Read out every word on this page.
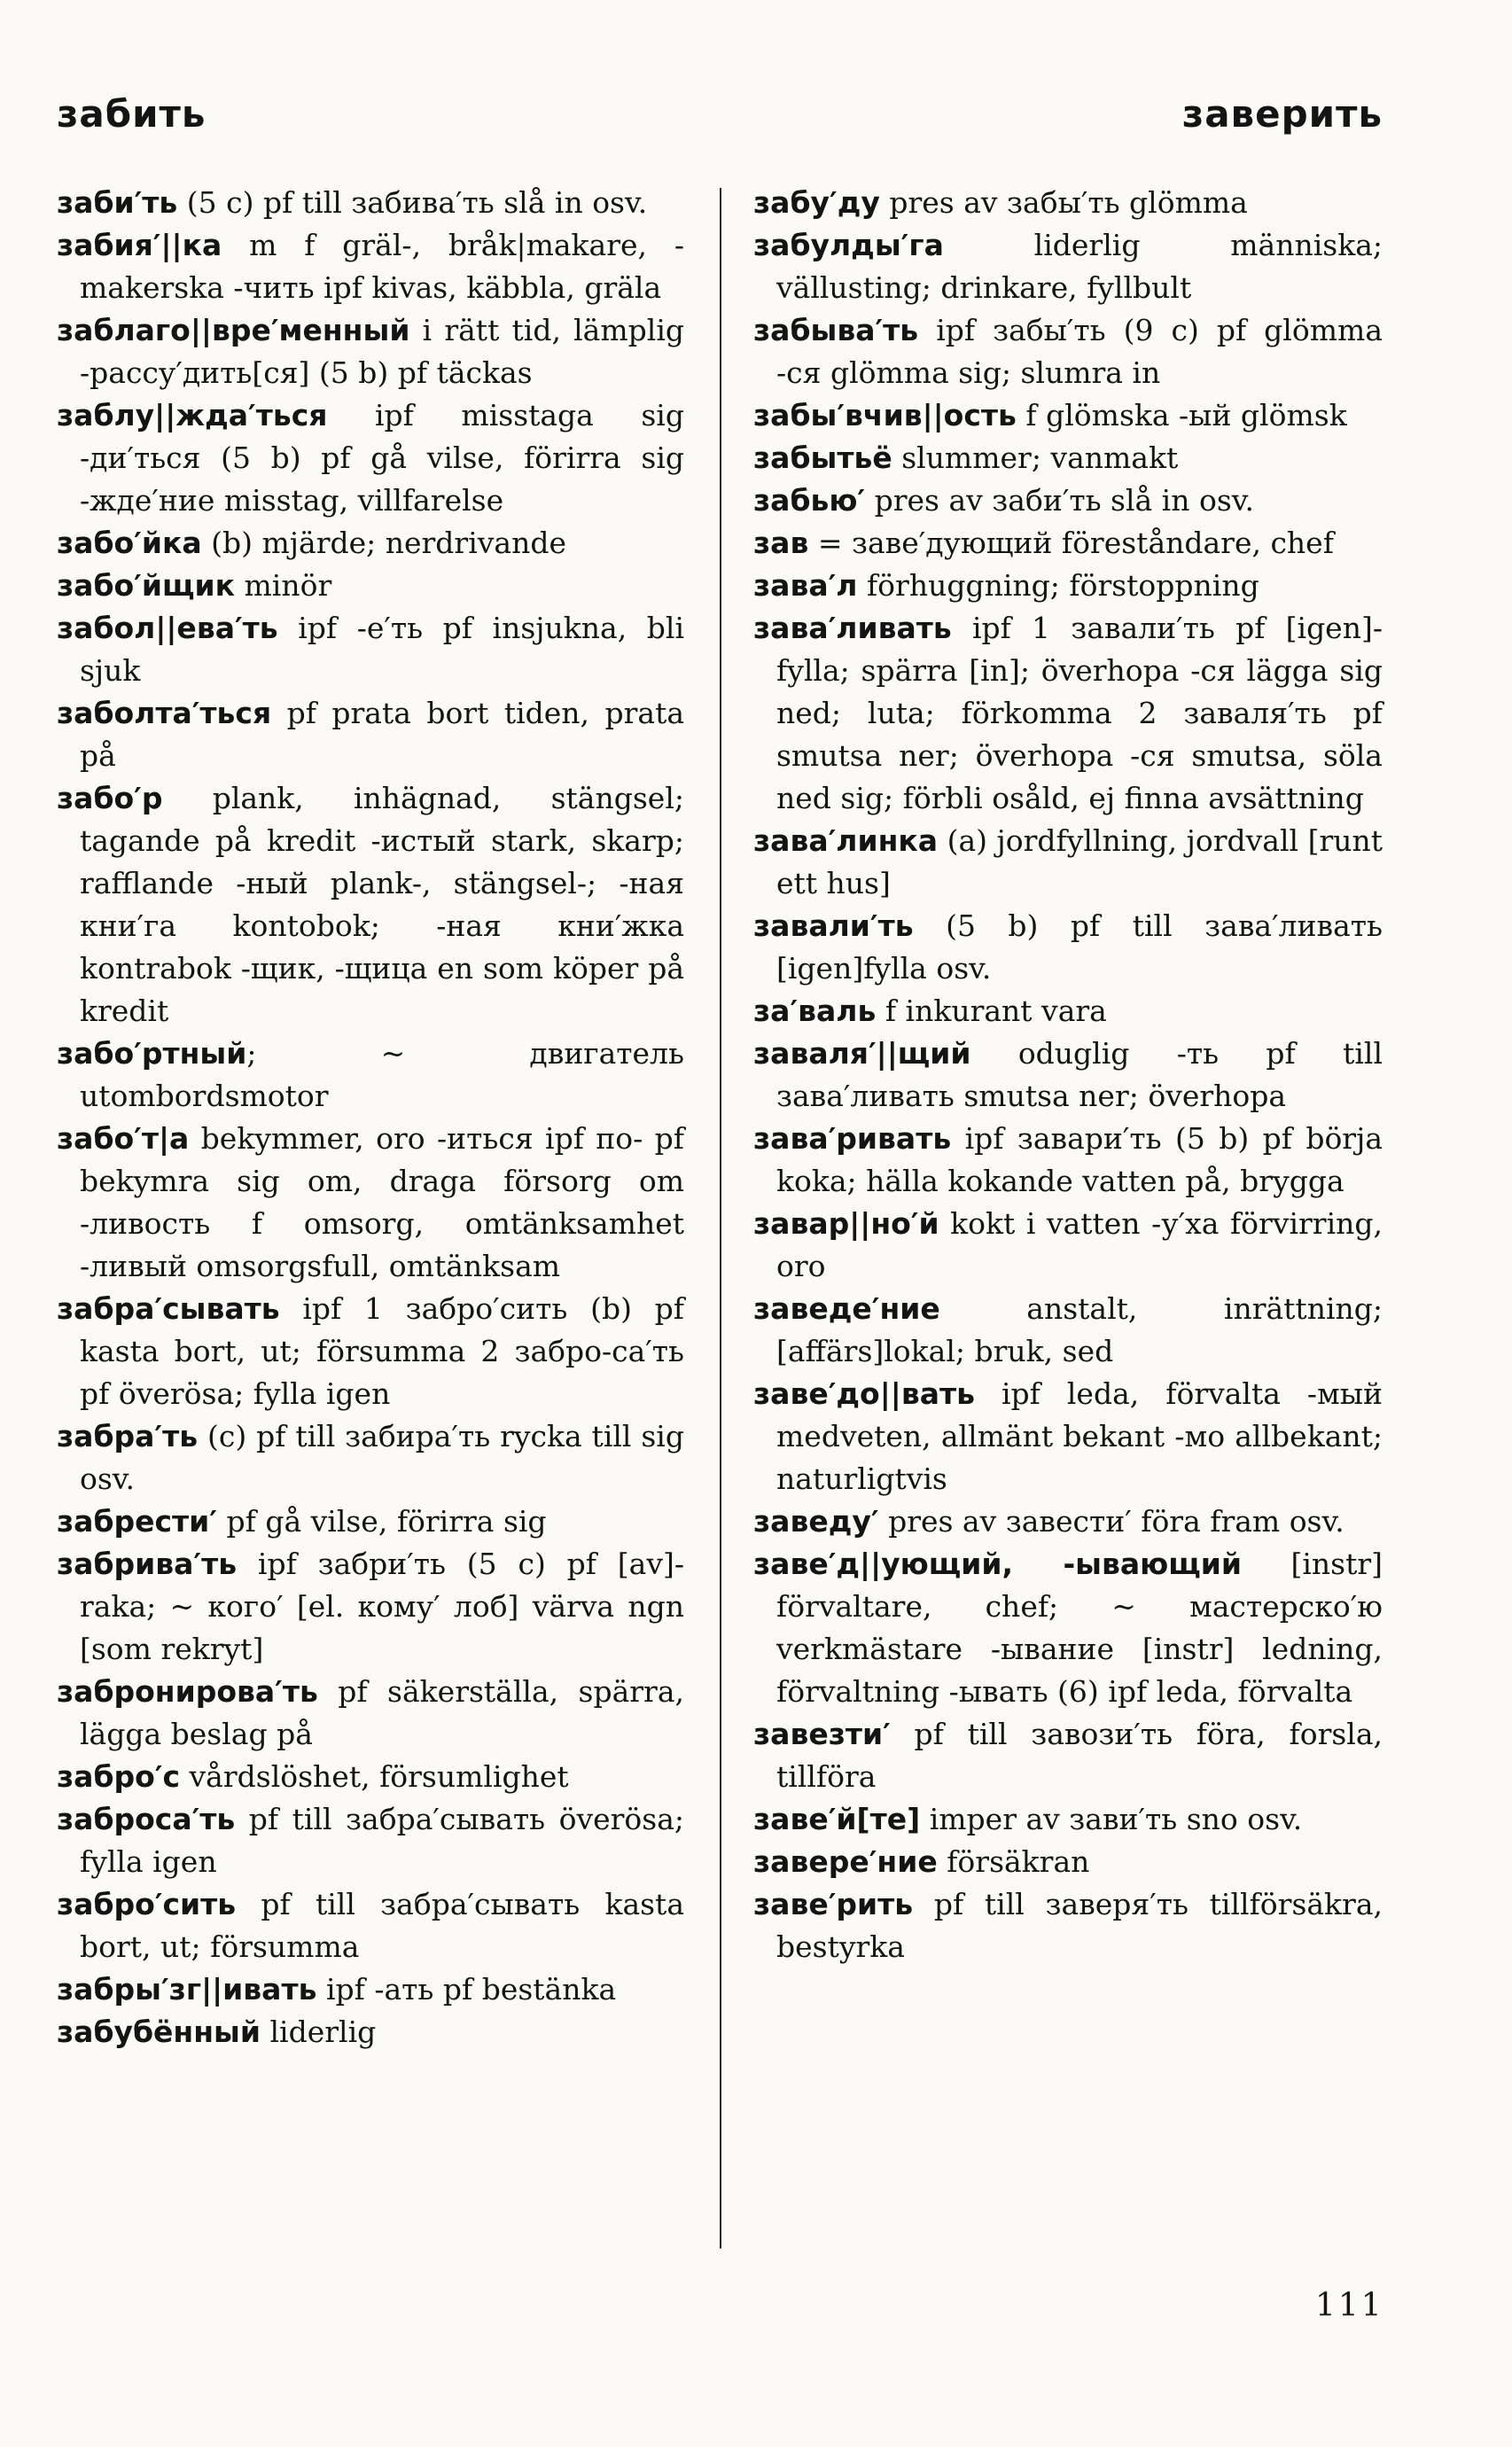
забить	заверить

заби′ть (5 c) pf till забива′ть slå in osv.

забия′||ка m f gräl-, bråk|makare, -makerska -чить ipf kivas, käbbla, gräla

заблаго||вре′менный i rätt tid, lämplig -рассу′дить[ся] (5 b) pf täckas

заблу||жда′ться ipf misstaga sig -ди′ться (5 b) pf gå vilse, förirra sig -жде′ние misstag, villfarelse

забо′йка (b) mjärde; nerdrivande

забо′йщик minör

забол||ева′ть ipf -е′ть pf insjukna, bli sjuk

заболта′ться pf prata bort tiden, prata på

забо′р plank, inhägnad, stängsel; tagande på kredit -истый stark, skarp; rafflande -ный plank-, stängsel-; -ная кни′га kontobok; -ная кни′жка kontrabok -щик, -щица en som köper på kredit

забо′ртный; ~ двигатель utombordsmotor

забо′т|а bekymmer, oro -иться ipf по- pf bekymra sig om, draga försorg om -ливость f omsorg, omtänksamhet -ливый omsorgsfull, omtänksam

забра′сывать ipf 1 забро′сить (b) pf kasta bort, ut; försumma 2 забро-са′ть pf överösa; fylla igen

забра′ть (c) pf till забира′ть rycka till sig osv.

забрести′ pf gå vilse, förirra sig

забрива′ть ipf забри′ть (5 c) pf [av]-raka; ~ кого′ [el. кому′ лоб] värva ngn [som rekryt]

забронирова′ть pf säkerställa, spärra, lägga beslag på

забро′с vårdslöshet, försumlighet

заброса′ть pf till забра′сывать överösa; fylla igen

забро′сить pf till забра′сывать kasta bort, ut; försumma

забры′зг||ивать ipf -ать pf bestänka

забубённый liderlig

забу′ду pres av забы′ть glömma

забулды′га liderlig människa; vällusting; drinkare, fyllbult

забыва′ть ipf забы′ть (9 c) pf glömma -ся glömma sig; slumra in

забы′вчив||ость f glömska -ый glömsk

забытьё slummer; vanmakt

забью′ pres av заби′ть slå in osv.

зав = заве′дующий föreståndare, chef

зава′л förhuggning; förstoppning

зава′ливать ipf 1 завали′ть pf [igen]-fylla; spärra [in]; överhopa -ся lägga sig ned; luta; förkomma 2 заваля′ть pf smutsa ner; överhopa -ся smutsa, söla ned sig; förbli osåld, ej finna avsättning

зава′линка (a) jordfyllning, jordvall [runt ett hus]

завали′ть (5 b) pf till зава′ливать [igen]fylla osv.

за′валь f inkurant vara

заваля′||щий oduglig -ть pf till зава′ливать smutsa ner; överhopa

зава′ривать ipf завари′ть (5 b) pf börja koka; hälla kokande vatten på, brygga

завар||но′й kokt i vatten -у′ха förvirring, oro

заведе′ние anstalt, inrättning; [affärs]lokal; bruk, sed

заве′до||вать ipf leda, förvalta -мый medveten, allmänt bekant -мо allbekant; naturligtvis

заведу′ pres av завести′ föra fram osv.

заве′д||ующий, -ывающий [instr] förvaltare, chef; ~ мастерско′ю verkmästare -ывание [instr] ledning, förvaltning -ывать (6) ipf leda, förvalta

завезти′ pf till завози′ть föra, forsla, tillföra

заве′й[те] imper av зави′ть sno osv.

завере′ние försäkran

заве′рить pf till заверя′ть tillförsäkra, bestyrka

111
